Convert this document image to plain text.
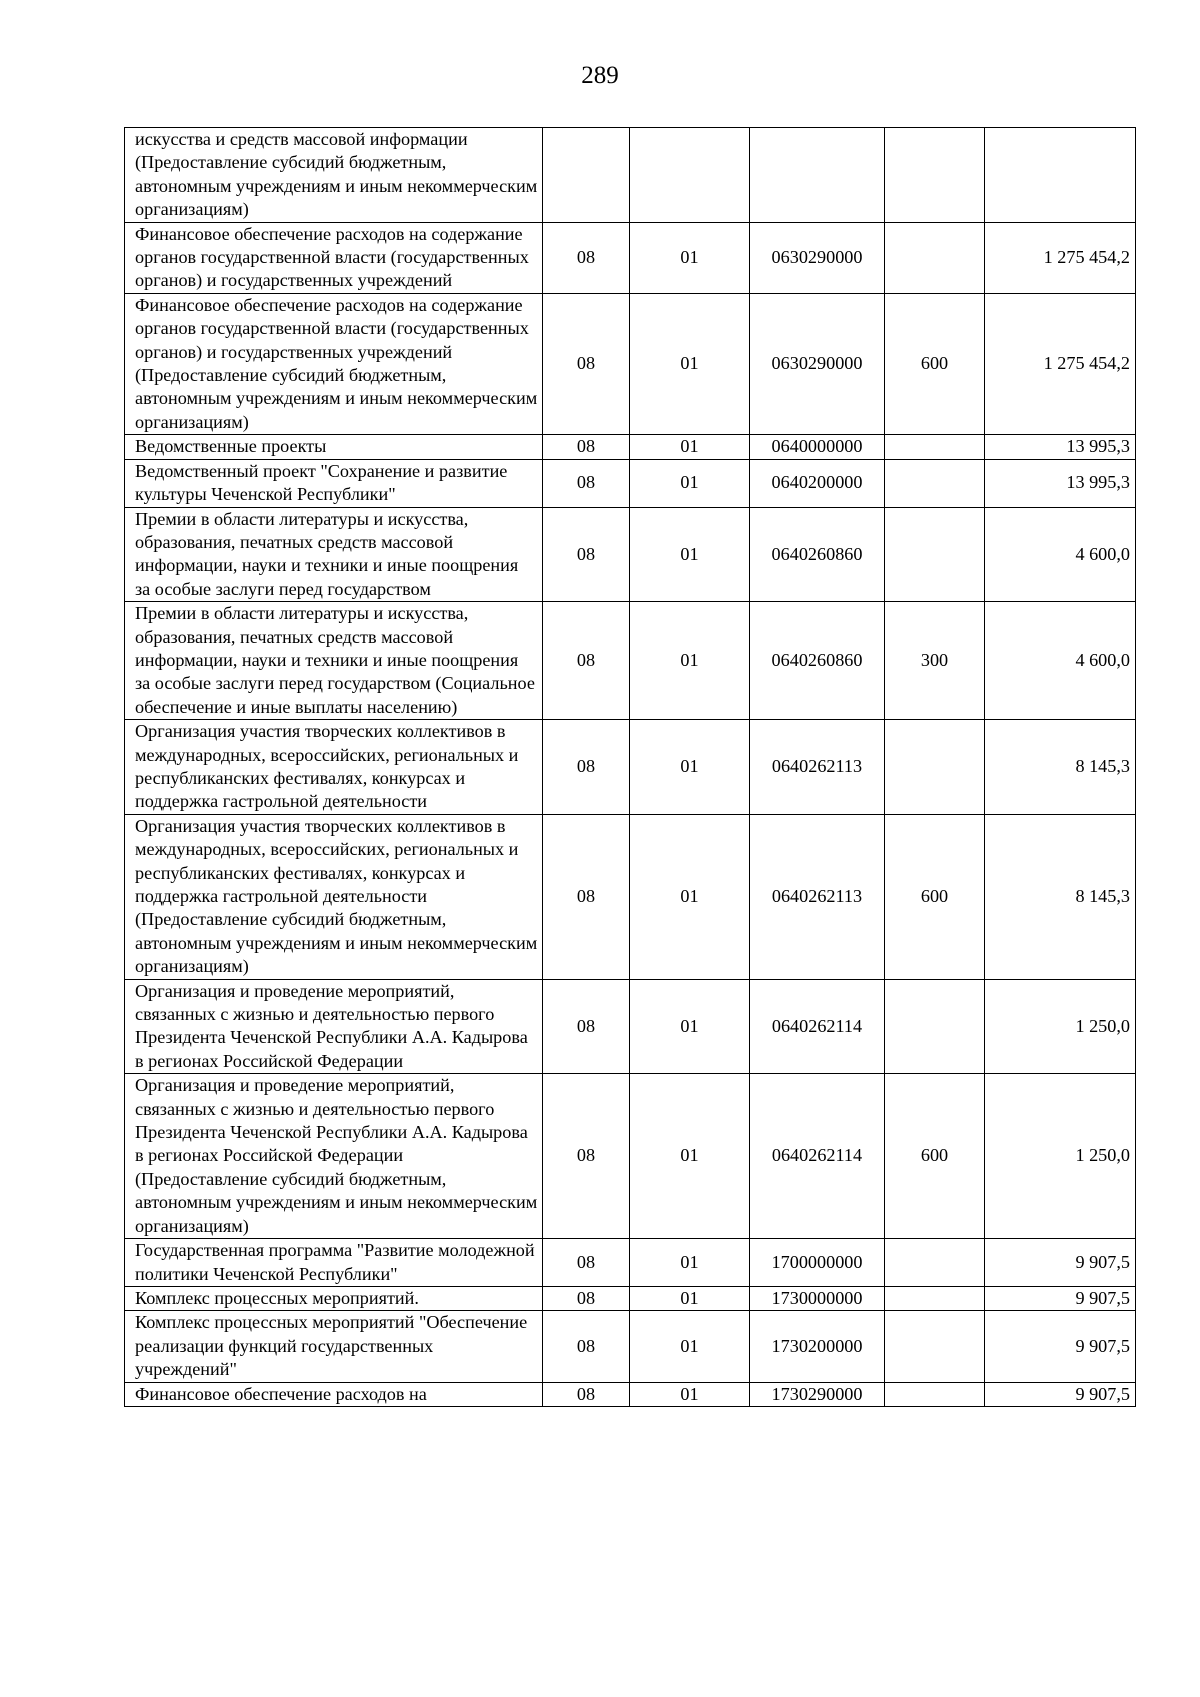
289
искусства и средств массовой информации (Предоставление субсидий бюджетным, автономным учреждениям и иным некоммерческим организациям)					
Финансовое обеспечение расходов на содержание органов государственной власти (государственных органов) и государственных учреждений	08	01	0630290000		1 275 454,2
Финансовое обеспечение расходов на содержание органов государственной власти (государственных органов) и государственных учреждений (Предоставление субсидий бюджетным, автономным учреждениям и иным некоммерческим организациям)	08	01	0630290000	600	1 275 454,2
Ведомственные проекты	08	01	0640000000		13 995,3
Ведомственный проект "Сохранение и развитие культуры Чеченской Республики"	08	01	0640200000		13 995,3
Премии в области литературы и искусства, образования, печатных средств массовой информации, науки и техники и иные поощрения за особые заслуги перед государством	08	01	0640260860		4 600,0
Премии в области литературы и искусства, образования, печатных средств массовой информации, науки и техники и иные поощрения за особые заслуги перед государством (Социальное обеспечение и иные выплаты населению)	08	01	0640260860	300	4 600,0
Организация участия творческих коллективов в международных, всероссийских, региональных и республиканских фестивалях, конкурсах и поддержка гастрольной деятельности	08	01	0640262113		8 145,3
Организация участия творческих коллективов в международных, всероссийских, региональных и республиканских фестивалях, конкурсах и поддержка гастрольной деятельности (Предоставление субсидий бюджетным, автономным учреждениям и иным некоммерческим организациям)	08	01	0640262113	600	8 145,3
Организация и проведение мероприятий, связанных с жизнью и деятельностью первого Президента Чеченской Республики А.А. Кадырова в регионах Российской Федерации	08	01	0640262114		1 250,0
Организация и проведение мероприятий, связанных с жизнью и деятельностью первого Президента Чеченской Республики А.А. Кадырова в регионах Российской Федерации (Предоставление субсидий бюджетным, автономным учреждениям и иным некоммерческим организациям)	08	01	0640262114	600	1 250,0
Государственная программа "Развитие молодежной политики Чеченской Республики"	08	01	1700000000		9 907,5
Комплекс процессных мероприятий.	08	01	1730000000		9 907,5
Комплекс процессных мероприятий "Обеспечение реализации функций государственных учреждений"	08	01	1730200000		9 907,5
Финансовое обеспечение расходов на	08	01	1730290000		9 907,5
